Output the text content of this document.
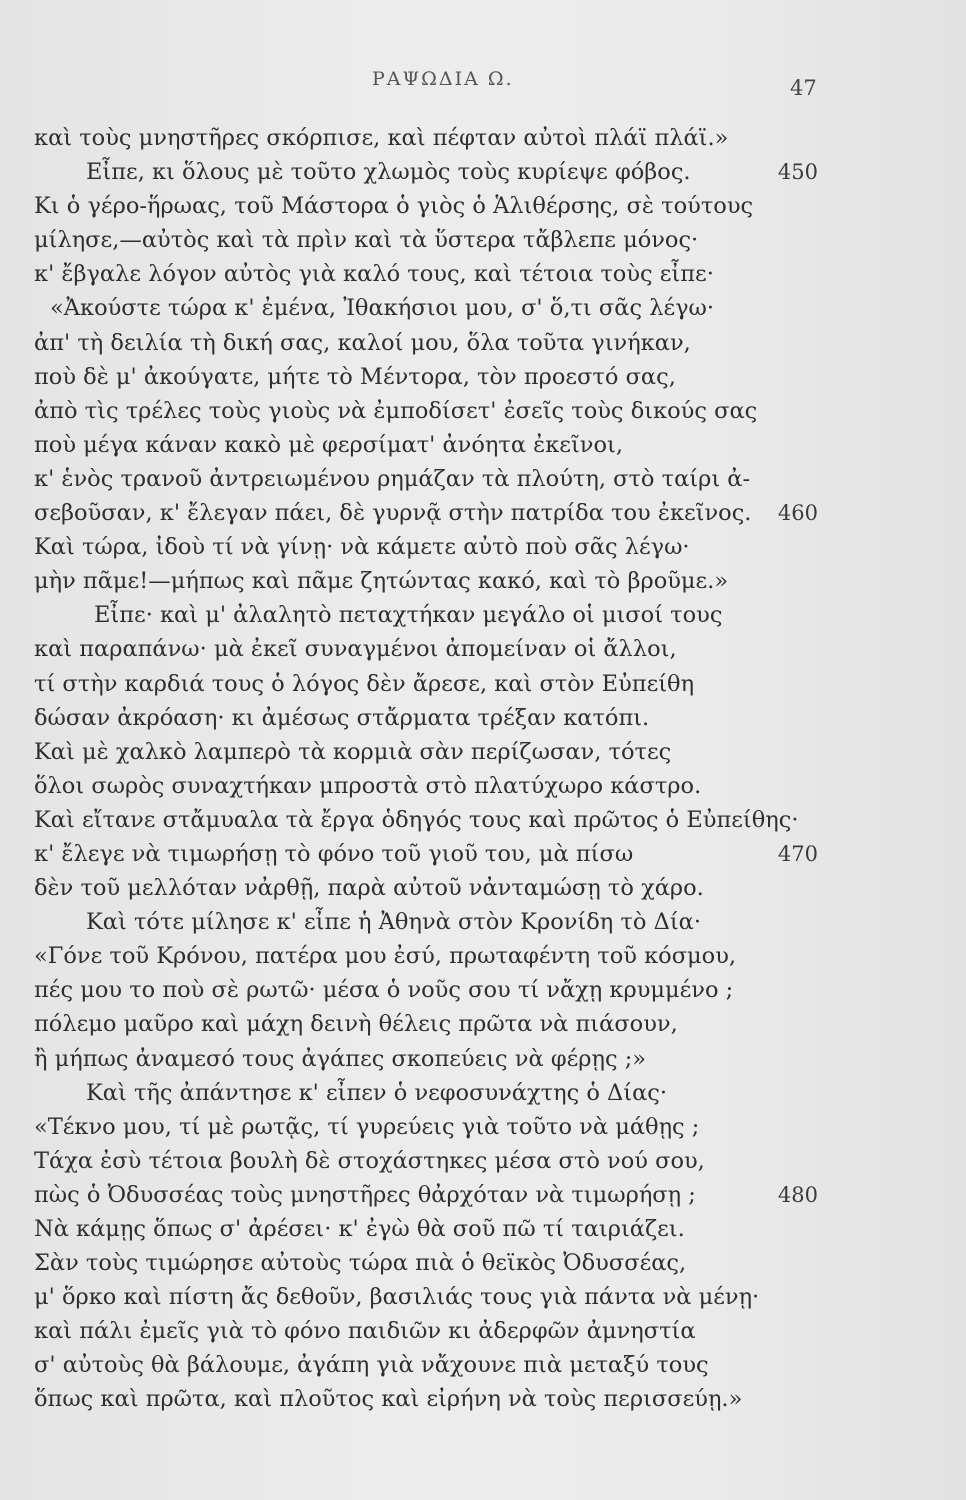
ΡΑΨΩΔΙΑ Ω.	47
καὶ τοὺς μνηστῆρες σκόρπισε, καὶ πέφταν αὐτοὶ πλάϊ πλάϊ.»
Εἶπε, κι ὅλους μὲ τοῦτο χλωμὸς τοὺς κυρίεψε φόβος.	450
Κι ὁ γέρο-ἥρωας, τοῦ Μάστορα ὁ γιὸς ὁ Ἁλιθέρσης, σὲ τούτους
μίλησε,—αὐτὸς καὶ τὰ πρὶν καὶ τὰ ὕστερα τἄβλεπε μόνος·
κ' ἔβγαλε λόγον αὐτὸς γιὰ καλό τους, καὶ τέτοια τοὺς εἶπε·
«Ἀκούστε τώρα κ' ἐμένα, Ἰθακήσιοι μου, σ' ὅ,τι σᾶς λέγω·
ἀπ' τὴ δειλία τὴ δική σας, καλοί μου, ὅλα τοῦτα γινήκαν,
ποὺ δὲ μ' ἀκούγατε, μήτε τὸ Μέντορα, τὸν προεστό σας,
ἀπὸ τὶς τρέλες τοὺς γιοὺς νὰ ἐμποδίσετ' ἐσεῖς τοὺς δικούς σας
ποὺ μέγα κάναν κακὸ μὲ φερσίματ' ἀνόητα ἐκεῖνοι,
κ' ἑνὸς τρανοῦ ἀντρειωμένου ρημάζαν τὰ πλούτη, στὸ ταίρι ἀ-
σεβοῦσαν, κ' ἔλεγαν πάει, δὲ γυρνᾷ στὴν πατρίδα του ἐκεῖνος. 460
Καὶ τώρα, ἰδοὺ τί νὰ γίνῃ· νὰ κάμετε αὐτὸ ποὺ σᾶς λέγω·
μὴν πᾶμε!—μήπως καὶ πᾶμε ζητώντας κακό, καὶ τὸ βροῦμε.»
Εἶπε· καὶ μ' ἀλαλητὸ πεταχτήκαν μεγάλο οἱ μισοί τους
καὶ παραπάνω· μὰ ἐκεῖ συναγμένοι ἀπομείναν οἱ ἄλλοι,
τί στὴν καρδιά τους ὁ λόγος δὲν ἄρεσε, καὶ στὸν Εὐπείθη
δώσαν ἀκρόαση· κι ἀμέσως στἄρματα τρέξαν κατόπι.
Καὶ μὲ χαλκὸ λαμπερὸ τὰ κορμιὰ σὰν περίζωσαν, τότες
ὅλοι σωρὸς συναχτήκαν μπροστὰ στὸ πλατύχωρο κάστρο.
Καὶ εἴτανε στἄμυαλα τὰ ἔργα ὁδηγός τους καὶ πρῶτος ὁ Εὐπείθης·
κ' ἔλεγε νὰ τιμωρήσῃ τὸ φόνο τοῦ γιοῦ του, μὰ πίσω	470
δὲν τοῦ μελλόταν νἀρθῇ, παρὰ αὐτοῦ νἀνταμώσῃ τὸ χάρο.
Καὶ τότε μίλησε κ' εἶπε ἡ Ἀθηνὰ στὸν Κρονίδη τὸ Δία·
«Γόνε τοῦ Κρόνου, πατέρα μου ἐσύ, πρωταφέντη τοῦ κόσμου,
πές μου το ποὺ σὲ ρωτῶ· μέσα ὁ νοῦς σου τί νἄχῃ κρυμμένο ;
πόλεμο μαῦρο καὶ μάχη δεινὴ θέλεις πρῶτα νὰ πιάσουν,
ἢ μήπως ἀναμεσό τους ἀγάπες σκοπεύεις νὰ φέρῃς ;»
Καὶ τῆς ἀπάντησε κ' εἶπεν ὁ νεφοσυνάχτης ὁ Δίας·
«Τέκνο μου, τί μὲ ρωτᾷς, τί γυρεύεις γιὰ τοῦτο νὰ μάθῃς ;
Τάχα ἐσὺ τέτοια βουλὴ δὲ στοχάστηκες μέσα στὸ νού σου,
πὼς ὁ Ὀδυσσέας τοὺς μνηστῆρες θἀρχόταν νὰ τιμωρήσῃ ;	480
Νὰ κάμῃς ὅπως σ' ἀρέσει· κ' ἐγὼ θὰ σοῦ πῶ τί ταιριάζει.
Σὰν τοὺς τιμώρησε αὐτοὺς τώρα πιὰ ὁ θεϊκὸς Ὀδυσσέας,
μ' ὅρκο καὶ πίστη ἄς δεθοῦν, βασιλιάς τους γιὰ πάντα νὰ μένῃ·
καὶ πάλι ἐμεῖς γιὰ τὸ φόνο παιδιῶν κι ἀδερφῶν ἀμνηστία
σ' αὐτοὺς θὰ βάλουμε, ἀγάπη γιὰ νἄχουνε πιὰ μεταξύ τους
ὅπως καὶ πρῶτα, καὶ πλοῦτος καὶ εἰρήνη νὰ τοὺς περισσεύῃ.»
